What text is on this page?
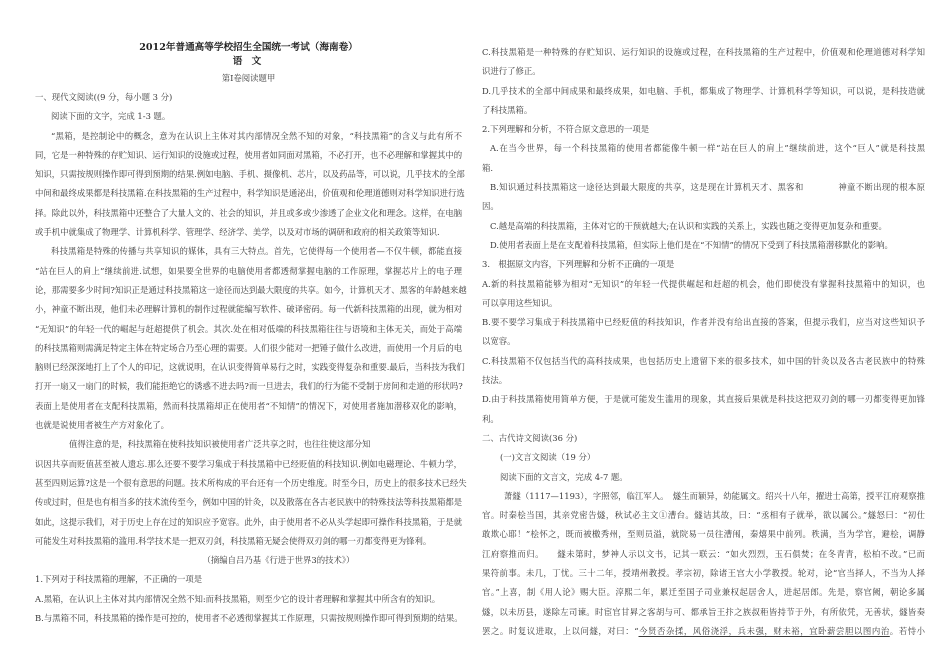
2012年普通高等学校招生全国统一考试（海南卷）
语 文
第Ⅰ卷阅读题甲
一、现代文阅读((9 分，每小题 3 分)
阅读下面的文字，完成 1-3 题。
“黑箱，是控制论中的概念，意为在认识上主体对其内部情况全然不知的对象，“科技黑箱”的含义与此有所不
同，它是一种特殊的存贮知识、运行知识的设施或过程，使用者如同面对黑箱，不必打开，也不必理解和掌握其中的
知识，只需按规则操作即可得到预期的结果.例如电脑、手机、摄像机、芯片，以及药品等，可以说，几乎技术的全部
中间和最终成果都是科技黑箱.在科技黑箱的生产过程中，科学知识是通泌出，价值观和伦理道德则对科学知识进行选
择。除此以外，科技黑箱中还整合了大量人文的、社会的知识，并且或多或少渗透了企业文化和理念。这样，在电脑
或手机中就集成了物理学、计算机科学、管理学、经济学、美学，以及对市场的调研和政府的相关政策等知识.
科技黑箱是特殊的传播与共享知识的媒体，具有三大特点。首先，它使得每一个使用者—不仅牛顿，都能直接
“站在巨人的肩上”继续前进.试想，如果要全世界的电脑使用者都透彻掌握电脑的工作原理，掌握芯片上的电子理
论，那需要多少时间?知识正是通过科技黑箱这一途径而达到最大限度的共享。如今，计算机天才、黑客的年龄越来越
小，神童不断出现，他们未必理解计算机的制作过程就能编写软件、破译密码。每一代新科技黑箱的出现，就为相对
“无知识”的年轻一代的崛起与赶超提供了机会。其次.处在相对低端的科技黑箱往往与语境和主体无关，而处于高端
的科技黑箱则需满足特定主体在特定场合乃至心理的需要。人们很少能对一把锤子做什么改进，而使用一个月后的电
脑则已经深深地打上了个人的印记，这就说明，在认识变得简单易行之时，实践变得复杂和重要.最后，当科技为我们
打开一扇又一扇门的时候，我们能拒绝它的诱惑不进去吗?而一旦进去，我们的行为能不受制于房间和走道的形状吗?
表面上是使用者在支配科技黑箱，然而科技黑箱却正在使用者“不知情”的情况下，对使用者施加潜移双化的影响，
也就是说使用者被生产方对象化了。
值得注意的是，科技黑箱在使科技知识被使用者广泛共享之时，也往往使这部分知
识因共享而贬值甚至被人遗忘.那么还要不要学习集成于科技黑箱中已经贬值的科技知识.例如电磁理论、牛顿力学，
甚至四则运算?这是一个很有意思的问题。技术所构成的平台还有一个历史维度。时至今日，历史上的很多技术已经失
传或过时，但是也有相当多的技术流传至今，例如中国的针灸，以及散落在各古老民族中的特殊技法等科技黑箱都是
如此，这提示我们，对于历史上存在过的知识应予宽容。此外，由于使用者不必从头学起即可操作科技黑箱，于是就
可能发生对科技黑箱的滥用.科学技术是一把双刃剑，科技黑箱无疑会使得双刃剑的哪一刃都变得更为锋利。
（摘编自吕乃基《行进于世界3的技术》）
1.下列对于科技黑箱的理解，不正确的一项是
A.黑箱，在认识上主体对其内部情况全然不知:而科技黑箱，则至少它的设计者理解和掌握其中所含有的知识。
B.与黑箱不同，科技黑箱的操作是可控的，使用者不必透彻掌握其工作原理，只需按规则操作即可得到预期的结果。
C.科技黑箱是一种特殊的存贮知识、运行知识的设施或过程，在科技黑箱的生产过程中，价值观和伦理道德对科学知
识进行了修正。
D.几乎技术的全部中间成果和最终成果，如电脑、手机，都集成了物理学、计算机科学等知识，可以说，是科技造就
了科技黑箱。
2.下列理解和分析，不符合原文意思的一项是
A.在当今世界，每一个科技黑箱的使用者都能像牛顿一样“站在巨人的肩上”继续前进，这个“巨人”就是科技黑
箱.
B.知识通过科技黑箱这一途径达到最大限度的共享，这是现在计算机天才、黑客和　　　　神童不断出现的根本原
因。
C.越是高端的科技黑箱，主体对它的干预就越大;在认识和实践的关系上，实践也随之变得更加复杂和重要。
D.使用者表面上是在支配着科技黑箱，但实际上他们是在“不知情”的情况下受到了科技黑箱潜移默化的影响。
3.　根据原文内容，下列理解和分析不正确的一项是
A.新的科技黑箱能够为相对“无知识”的年轻一代提供崛起和赶超的机会，他们即使没有掌握科技黑箱中的知识，也
可以享用这些知识。
B.要不要学习集成于科技黑箱中已经贬值的科技知识，作者并没有给出直接的答案，但提示我们，应当对这些知识予
以宽容。
C.科技黑箱不仅包括当代的高科技成果，也包括历史上遗留下来的很多技术，如中国的针灸以及各古老民族中的特殊
技法。
D.由于科技黑箱使用简单方便，于是就可能发生滥用的现象，其直接后果就是科技这把双刃剑的哪一刃都变得更加锋
利。
二、古代诗文阅读(36 分)
(一)文言文阅读（19 分）
阅读下面的文言文，完成 4-7 题。
萧燧（1117—1193），字照邻，临江军人。　燧生而颖异，幼能属文。绍兴十八年，擢进士高第，授平江府观察推
官。时秦桧当国，其亲党密告燧，秋试必主文①漕台。燧诘其故，曰：“丞相有子就举，欲以属公。”燧怒曰：“初仕
敢欺心耶！”桧怀之，既而被檄秀州，至则员溢，就院易一员往漕闱，秦熺果中前列。秩满，当为学官，避桧，调静
江府察推而归。　　燧未第时，梦神人示以文书，记其一联云：“如火烈烈，玉石俱焚；在冬青青，松柏不改。”已而
果符前事。未几，丁忧。三十二年，授靖州教授。孝宗初，除诸王宫大小学教授。轮对，论“官当择人，不当为人择
官。”上喜，制《用人论》赐大臣。淳熙二年，累迁至国子司业兼权起居舍人，进起居郎。先是，察官阙，朝论多属
燧，以未历县，遂除左司谏。时宦官甘昪之客胡与可、都承旨王抃之族叔秬皆持节于外，有所依凭，无善状，燧皆奏
罢之。时复议进取，上以问燧，对曰：“今贤否杂揉，风俗浇浮，兵未强，财未裕，宜卧薪尝胆以图内治。若恃小
